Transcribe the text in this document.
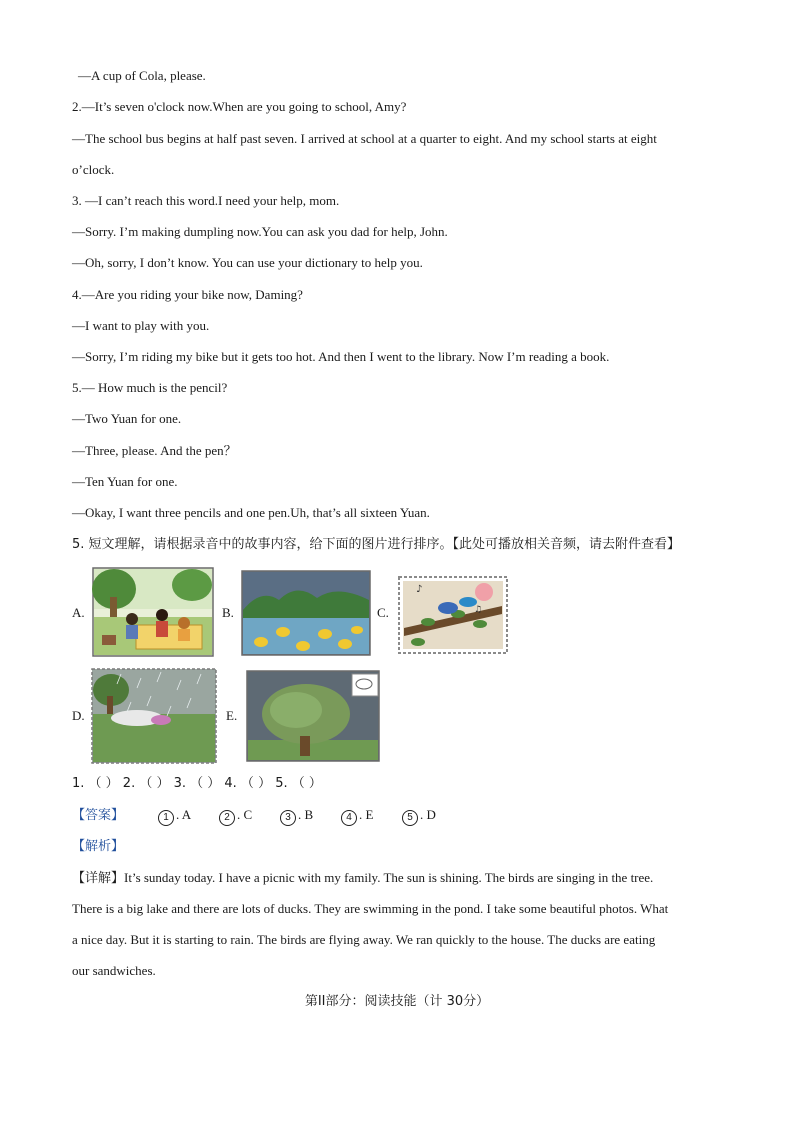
—A cup of Cola, please.
2.—It’s seven o'clock now.When are you going to school, Amy?
—The school bus begins at half past seven. I arrived at school at a quarter to eight. And my school starts at eight
o’clock.
3. —I can’t reach this word.I need your help, mom.
—Sorry. I’m making dumpling now.You can ask you dad for help, John.
—Oh, sorry, I don’t know. You can use your dictionary to help you.
4.—Are you riding your bike now, Daming?
—I want to play with you.
—Sorry, I’m riding my bike but it gets too hot. And then I went to the library. Now I’m reading a book.
5.— How much is the pencil?
—Two Yuan for one.
—Three, please. And the pen？
—Ten Yuan for one.
—Okay, I want three pencils and one pen.Uh, that’s all sixteen Yuan.
5. 短文理解，请根据录音中的故事内容，给下面的图片进行排序。【此处可播放相关音频，请去附件查看】
A.	B.	C.
♪
♫
D.	E.
1. （ ） 2. （ ） 3. （ ） 4. （ ） 5. （ ）
【答案】	1 . A	2 . C	3 . B	4 . E	5 . D
【解析】
【详解】It’s sunday today. I have a picnic with my family. The sun is shining. The birds are singing in the tree.
There is a big lake and there are lots of ducks. They are swimming in the pond. I take some beautiful photos. What
a nice day. But it is starting to rain. The birds are flying away. We ran quickly to the house. The ducks are eating
our sandwiches.
第II部分：阅读技能（计 30分）
